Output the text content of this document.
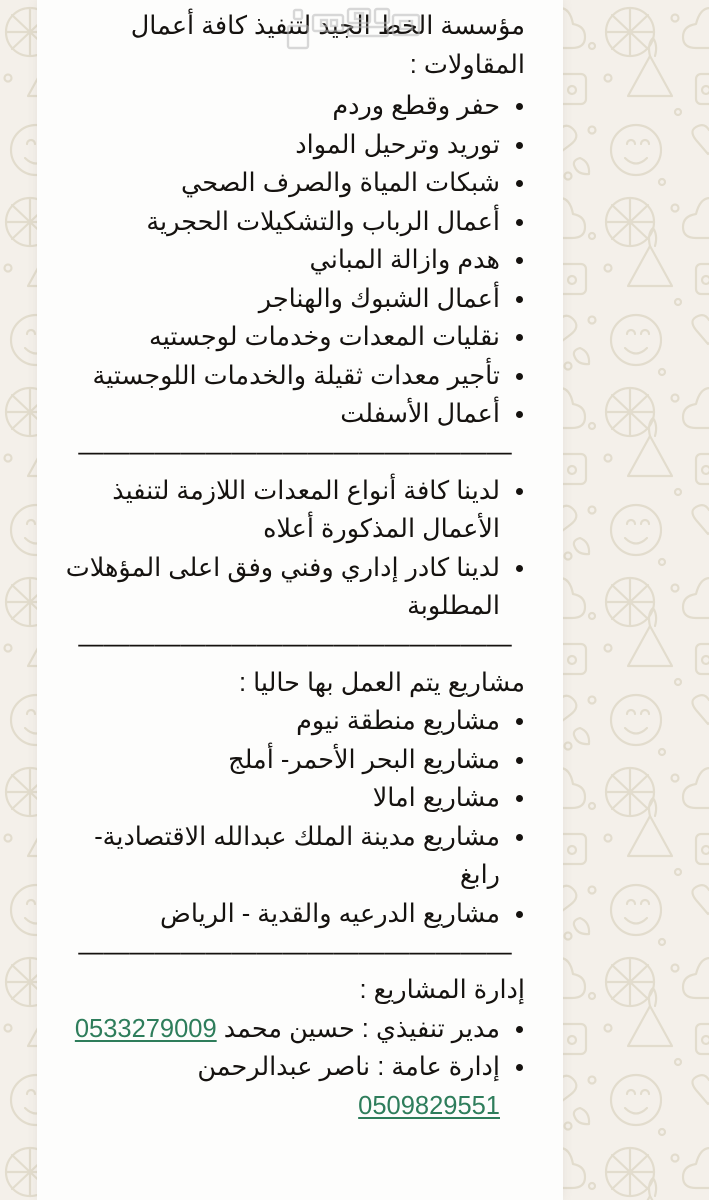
مؤسسة الخط الجيد لتنفيذ كافة أعمال المقاولات :
حفر وقطع وردم
توريد وترحيل المواد
شبكات المياة والصرف الصحي
أعمال الرباب والتشكيلات الحجرية
هدم وازالة المباني
أعمال الشبوك والهناجر
نقليات المعدات وخدمات لوجستيه
تأجير معدات ثقيلة والخدمات اللوجستية
أعمال الأسفلت
—————————————————
لدينا كافة أنواع المعدات اللازمة لتنفيذ الأعمال المذكورة أعلاه
لدينا كادر إداري وفني وفق اعلى المؤهلات المطلوبة
—————————————————
مشاريع يتم العمل بها حاليا :
مشاريع منطقة نيوم
مشاريع البحر الأحمر- أملج
مشاريع امالا
مشاريع مدينة الملك عبدالله الاقتصادية- رابغ
مشاريع الدرعيه والقدية - الرياض
—————————————————
إدارة المشاريع :
مدير تنفيذي : حسين محمد 0533279009
إدارة عامة : ناصر عبدالرحمن 0509829551
